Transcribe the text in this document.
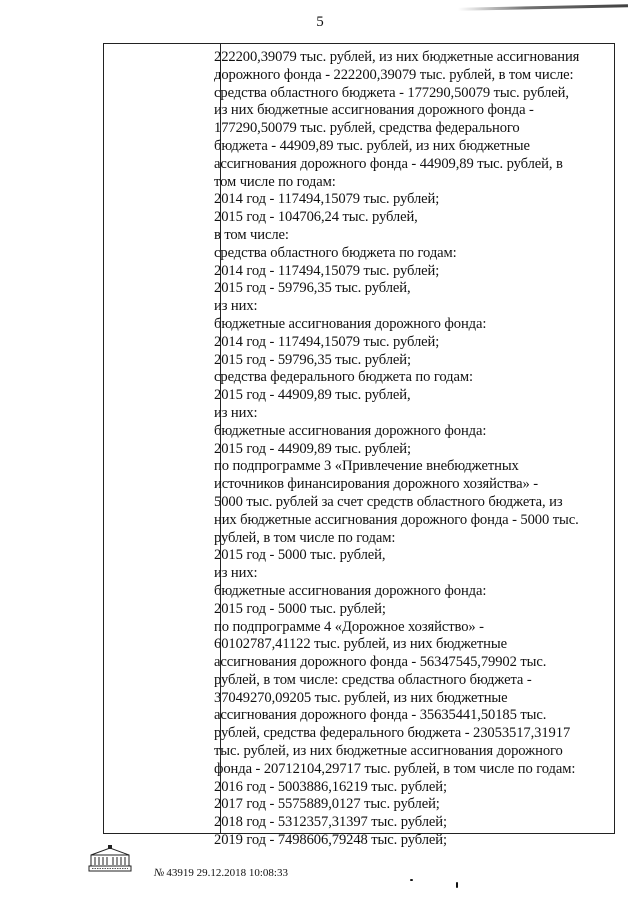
5
222200,39079 тыс. рублей, из них бюджетные ассигнования
дорожного фонда - 222200,39079 тыс. рублей, в том числе:
средства областного бюджета - 177290,50079 тыс. рублей,
из них бюджетные ассигнования дорожного фонда -
177290,50079 тыс. рублей, средства федерального
бюджета - 44909,89 тыс. рублей, из них бюджетные
ассигнования дорожного фонда - 44909,89 тыс. рублей, в
том числе по годам:
2014 год - 117494,15079 тыс. рублей;
2015 год - 104706,24 тыс. рублей,
в том числе:
средства областного бюджета по годам:
2014 год - 117494,15079 тыс. рублей;
2015 год - 59796,35 тыс. рублей,
из них:
бюджетные ассигнования дорожного фонда:
2014 год - 117494,15079 тыс. рублей;
2015 год - 59796,35 тыс. рублей;
средства федерального бюджета по годам:
2015 год - 44909,89 тыс. рублей,
из них:
бюджетные ассигнования дорожного фонда:
2015 год - 44909,89 тыс. рублей;
по подпрограмме 3 «Привлечение внебюджетных
источников финансирования дорожного хозяйства» -
5000 тыс. рублей за счет средств областного бюджета, из
них бюджетные ассигнования дорожного фонда - 5000 тыс.
рублей, в том числе по годам:
2015 год - 5000 тыс. рублей,
из них:
бюджетные ассигнования дорожного фонда:
2015 год - 5000 тыс. рублей;
по подпрограмме 4 «Дорожное хозяйство» -
60102787,41122 тыс. рублей, из них бюджетные
ассигнования дорожного фонда - 56347545,79902 тыс.
рублей, в том числе: средства областного бюджета -
37049270,09205 тыс. рублей, из них бюджетные
ассигнования дорожного фонда - 35635441,50185 тыс.
рублей, средства федерального бюджета - 23053517,31917
тыс. рублей, из них бюджетные ассигнования дорожного
фонда - 20712104,29717 тыс. рублей, в том числе по годам:
2016 год - 5003886,16219 тыс. рублей;
2017 год - 5575889,0127 тыс. рублей;
2018 год - 5312357,31397 тыс. рублей;
2019 год - 7498606,79248 тыс. рублей;
№ 43919 29.12.2018 10:08:33
